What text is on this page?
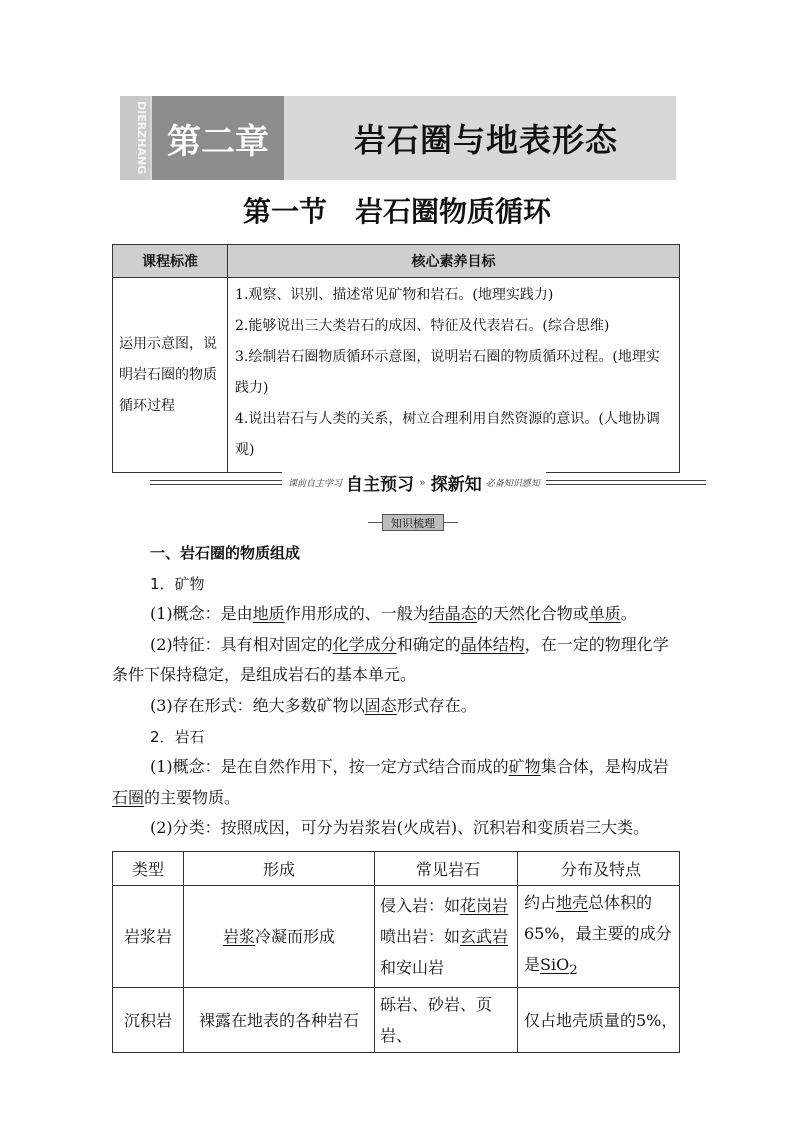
DIERZHANG 第二章	岩石圈与地表形态
第一节　岩石圈物质循环
课程标准	核心素养目标
运用示意图，说明岩石圈的物质循环过程	1.观察、识别、描述常见矿物和岩石。(地理实践力)
2.能够说出三大类岩石的成因、特征及代表岩石。(综合思维)
3.绘制岩石圈物质循环示意图，说明岩石圈的物质循环过程。(地理实践力)
4.说出岩石与人类的关系，树立合理利用自然资源的意识。(人地协调观)
课前自主学习 自主预习 » 探新知 必备知识感知
知识梳理

一、岩石圈的物质组成

1．矿物

(1)概念：是由地质作用形成的、一般为结晶态的天然化合物或单质。

(2)特征：具有相对固定的化学成分和确定的晶体结构，在一定的物理化学条件下保持稳定，是组成岩石的基本单元。

(3)存在形式：绝大多数矿物以固态形式存在。

2．岩石

(1)概念：是在自然作用下，按一定方式结合而成的矿物集合体，是构成岩石圈的主要物质。

(2)分类：按照成因，可分为岩浆岩(火成岩)、沉积岩和变质岩三大类。

类型	形成	常见岩石	分布及特点
岩浆岩	岩浆冷凝而形成	侵入岩：如花岗岩
喷出岩：如玄武岩
和安山岩	约占地壳总体积的65%，最主要的成分是SiO$_2$
沉积岩	裸露在地表的各种岩石	砾岩、砂岩、页岩、	仅占地壳质量的5%，
